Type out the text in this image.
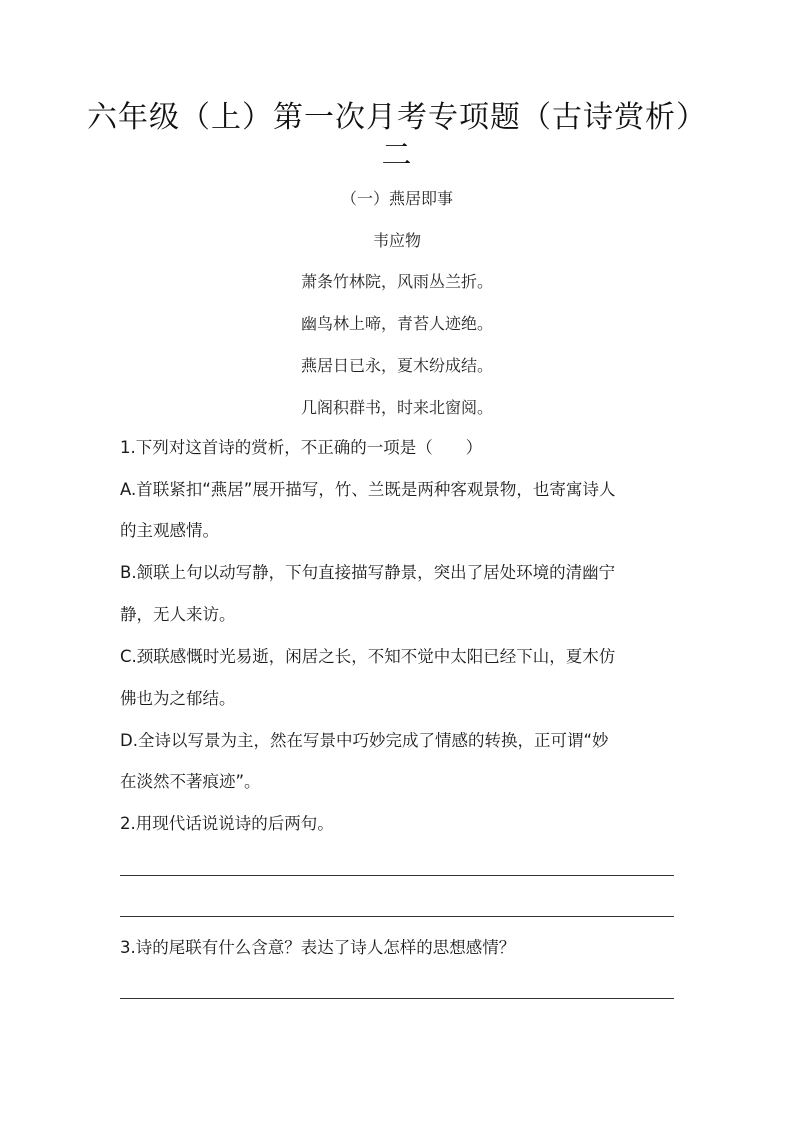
六年级（上）第一次月考专项题（古诗赏析）
二
（一）燕居即事
韦应物
萧条竹林院，风雨丛兰折。
幽鸟林上啼，青苔人迹绝。
燕居日已永，夏木纷成结。
几阁积群书，时来北窗阅。
1.下列对这首诗的赏析，不正确的一项是（　　）
A.首联紧扣“燕居”展开描写，竹、兰既是两种客观景物，也寄寓诗人
的主观感情。
B.颔联上句以动写静，下句直接描写静景，突出了居处环境的清幽宁
静，无人来访。
C.颈联感慨时光易逝，闲居之长，不知不觉中太阳已经下山，夏木仿
佛也为之郁结。
D.全诗以写景为主，然在写景中巧妙完成了情感的转换，正可谓“妙
在淡然不著痕迹”。
2.用现代话说说诗的后两句。
3.诗的尾联有什么含意？表达了诗人怎样的思想感情？
